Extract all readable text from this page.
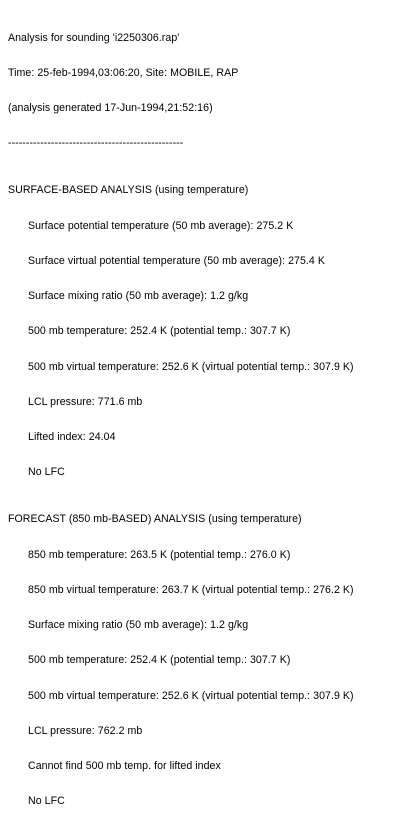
Analysis for sounding 'i2250306.rap'

Time: 25-feb-1994,03:06:20, Site: MOBILE, RAP

(analysis generated 17-Jun-1994,21:52:16)

-------------------------------------------------

SURFACE-BASED ANALYSIS (using temperature)

Surface potential temperature (50 mb average): 275.2 K

Surface virtual potential temperature (50 mb average): 275.4 K

Surface mixing ratio (50 mb average): 1.2 g/kg

500 mb temperature: 252.4 K (potential temp.: 307.7 K)

500 mb virtual temperature: 252.6 K (virtual potential temp.: 307.9 K)

LCL pressure: 771.6 mb

Lifted index: 24.04

No LFC

FORECAST (850 mb-BASED) ANALYSIS (using temperature)

850 mb temperature: 263.5 K (potential temp.: 276.0 K)

850 mb virtual temperature: 263.7 K (virtual potential temp.: 276.2 K)

Surface mixing ratio (50 mb average): 1.2 g/kg

500 mb temperature: 252.4 K (potential temp.: 307.7 K)

500 mb virtual temperature: 252.6 K (virtual potential temp.: 307.9 K)

LCL pressure: 762.2 mb

Cannot find 500 mb temp. for lifted index

No LFC
